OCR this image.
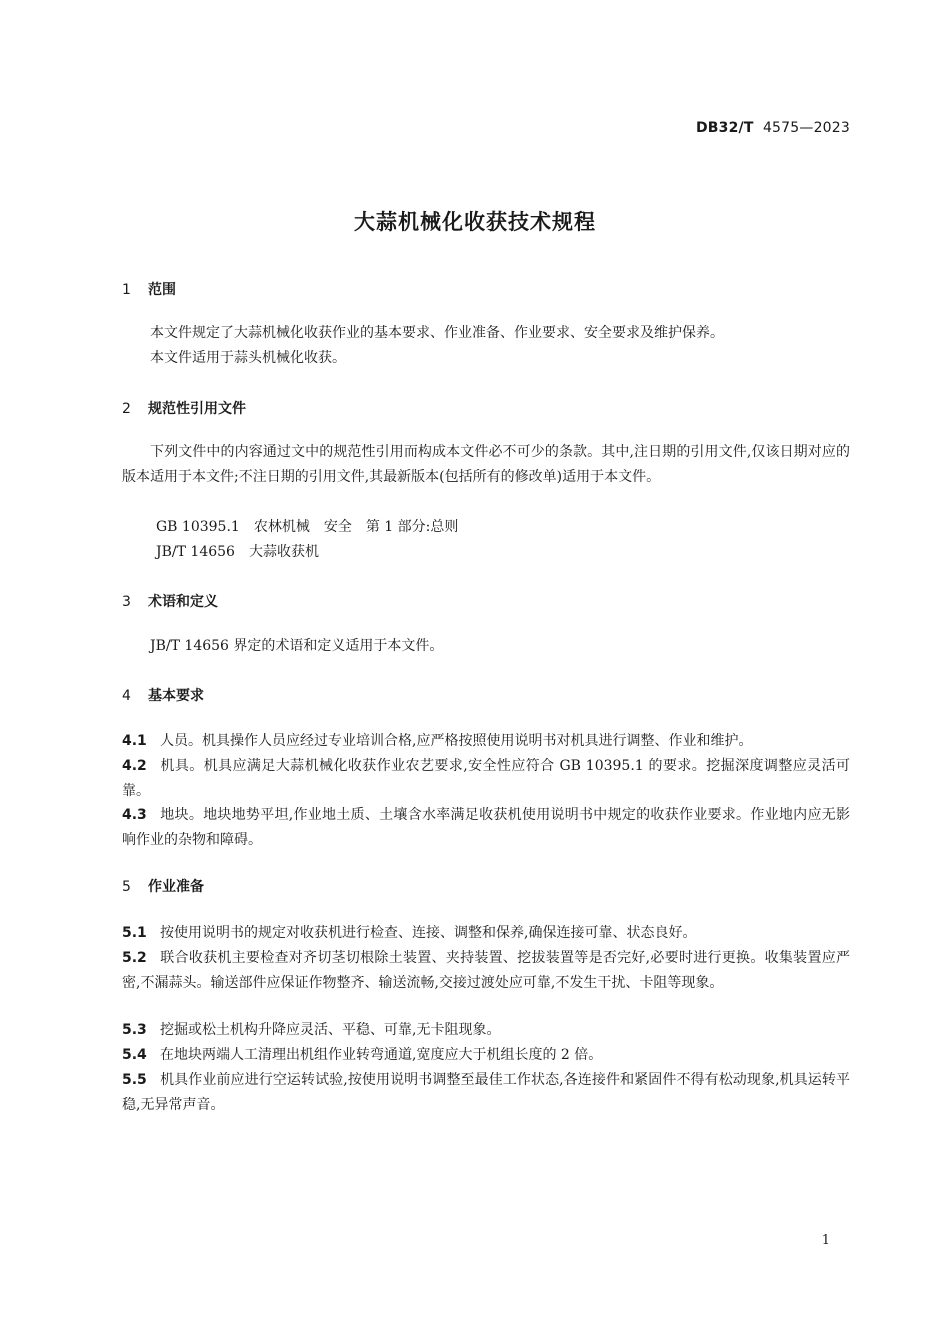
DB32/T 4575—2023
大蒜机械化收获技术规程
1 范围

本文件规定了大蒜机械化收获作业的基本要求、作业准备、作业要求、安全要求及维护保养。

本文件适用于蒜头机械化收获。

2 规范性引用文件

下列文件中的内容通过文中的规范性引用而构成本文件必不可少的条款。其中,注日期的引用文件,仅该日期对应的版本适用于本文件;不注日期的引用文件,其最新版本(包括所有的修改单)适用于本文件。

GB 10395.1　农林机械　安全　第 1 部分:总则

JB/T 14656　大蒜收获机

3 术语和定义

JB/T 14656 界定的术语和定义适用于本文件。

4 基本要求

4.1 人员。机具操作人员应经过专业培训合格,应严格按照使用说明书对机具进行调整、作业和维护。

4.2 机具。机具应满足大蒜机械化收获作业农艺要求,安全性应符合 GB 10395.1 的要求。挖掘深度调整应灵活可靠。

4.3 地块。地块地势平坦,作业地土质、土壤含水率满足收获机使用说明书中规定的收获作业要求。作业地内应无影响作业的杂物和障碍。

5 作业准备

5.1 按使用说明书的规定对收获机进行检查、连接、调整和保养,确保连接可靠、状态良好。

5.2 联合收获机主要检查对齐切茎切根除土装置、夹持装置、挖拔装置等是否完好,必要时进行更换。收集装置应严密,不漏蒜头。输送部件应保证作物整齐、输送流畅,交接过渡处应可靠,不发生干扰、卡阻等现象。

5.3 挖掘或松土机构升降应灵活、平稳、可靠,无卡阻现象。

5.4 在地块两端人工清理出机组作业转弯通道,宽度应大于机组长度的 2 倍。

5.5 机具作业前应进行空运转试验,按使用说明书调整至最佳工作状态,各连接件和紧固件不得有松动现象,机具运转平稳,无异常声音。

1
